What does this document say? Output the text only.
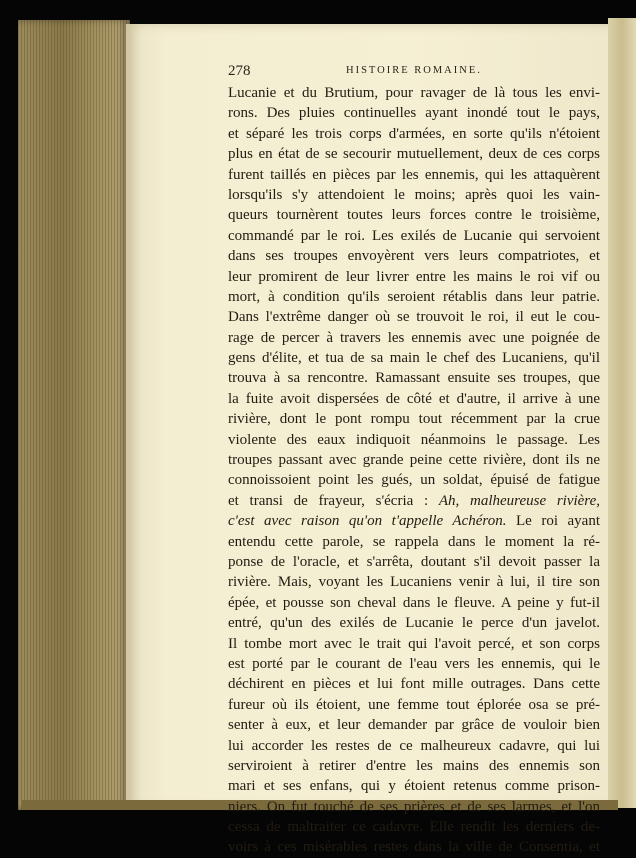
278	HISTOIRE ROMAINE.
Lucanie et du Brutium, pour ravager de là tous les envi-
rons. Des pluies continuelles ayant inondé tout le pays,
et séparé les trois corps d'armées, en sorte qu'ils n'étoient
plus en état de se secourir mutuellement, deux de ces corps
furent taillés en pièces par les ennemis, qui les attaquèrent
lorsqu'ils s'y attendoient le moins; après quoi les vain-
queurs tournèrent toutes leurs forces contre le troisième,
commandé par le roi. Les exilés de Lucanie qui servoient
dans ses troupes envoyèrent vers leurs compatriotes, et
leur promirent de leur livrer entre les mains le roi vif ou
mort, à condition qu'ils seroient rétablis dans leur patrie.
Dans l'extrême danger où se trouvoit le roi, il eut le cou-
rage de percer à travers les ennemis avec une poignée de
gens d'élite, et tua de sa main le chef des Lucaniens, qu'il
trouva à sa rencontre. Ramassant ensuite ses troupes, que
la fuite avoit dispersées de côté et d'autre, il arrive à une
rivière, dont le pont rompu tout récemment par la crue
violente des eaux indiquoit néanmoins le passage. Les
troupes passant avec grande peine cette rivière, dont ils ne
connoissoient point les gués, un soldat, épuisé de fatigue
et transi de frayeur, s'écria : Ah, malheureuse rivière,
c'est avec raison qu'on t'appelle Achéron. Le roi ayant
entendu cette parole, se rappela dans le moment la ré-
ponse de l'oracle, et s'arrêta, doutant s'il devoit passer la
rivière. Mais, voyant les Lucaniens venir à lui, il tire son
épée, et pousse son cheval dans le fleuve. A peine y fut-il
entré, qu'un des exilés de Lucanie le perce d'un javelot.
Il tombe mort avec le trait qui l'avoit percé, et son corps
est porté par le courant de l'eau vers les ennemis, qui le
déchirent en pièces et lui font mille outrages. Dans cette
fureur où ils étoient, une femme tout éplorée osa se pré-
senter à eux, et leur demander par grâce de vouloir bien
lui accorder les restes de ce malheureux cadavre, qui lui
serviroient à retirer d'entre les mains des ennemis son
mari et ses enfans, qui y étoient retenus comme prison-
niers. On fut touché de ses prières et de ses larmes, et l'on
cessa de maltraiter ce cadavre. Elle rendit les derniers de-
voirs à ces misérables restes dans la ville de Consentia, et
